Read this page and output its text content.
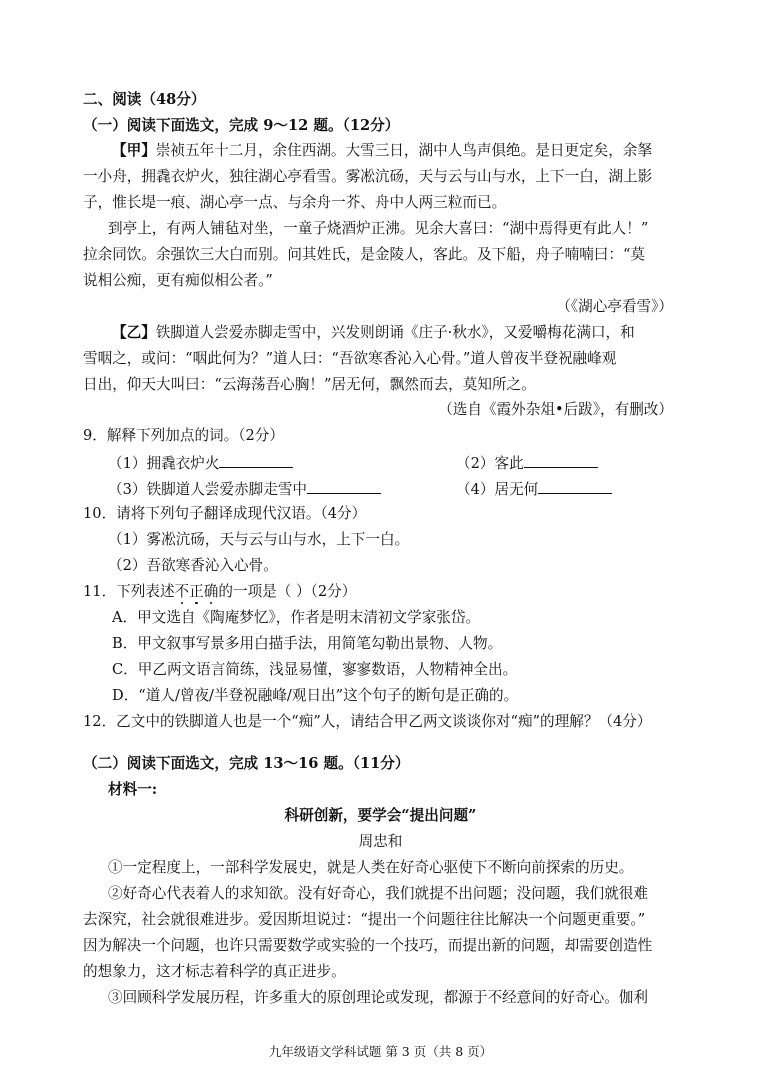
二、阅读（48分）
（一）阅读下面选文，完成 9～12 题。（12分）
【甲】崇祯五年十二月，余住西湖。大雪三日，湖中人鸟声俱绝。是日更定矣，余拏
一小舟，拥毳衣炉火，独往湖心亭看雪。雾凇沆砀，天与云与山与水，上下一白，湖上影
子，惟长堤一痕、湖心亭一点、与余舟一芥、舟中人两三粒而已。
到亭上，有两人铺毡对坐，一童子烧酒炉正沸。见余大喜曰：“湖中焉得更有此人！”
拉余同饮。余强饮三大白而别。问其姓氏，是金陵人，客此。及下船，舟子喃喃曰：“莫
说相公痴，更有痴似相公者。”
（《湖心亭看雪》）
【乙】铁脚道人尝爱赤脚走雪中，兴发则朗诵《庄子·秋水》，又爱嚼梅花满口，和
雪咽之，或问：“咽此何为？”道人曰：“吾欲寒香沁入心骨。”道人曾夜半登祝融峰观
日出，仰天大叫曰：“云海荡吾心胸！”居无何，飘然而去，莫知所之。
（选自《霞外杂俎•后跋》，有删改）
9．解释下列加点的词。（2分）
（1）拥毳衣炉火	（2）客此
（3）铁脚道人尝爱赤脚走雪中	（4）居无何
10．请将下列句子翻译成现代汉语。（4分）
（1）雾凇沆砀，天与云与山与水，上下一白。
（2）吾欲寒香沁入心骨。
11．下列表述不正确的一项是（ ）（2分）
A．甲文选自《陶庵梦忆》，作者是明末清初文学家张岱。
B．甲文叙事写景多用白描手法，用简笔勾勒出景物、人物。
C．甲乙两文语言简练，浅显易懂，寥寥数语，人物精神全出。
D．“道人/曾夜/半登祝融峰/观日出”这个句子的断句是正确的。
12．乙文中的铁脚道人也是一个“痴”人，请结合甲乙两文谈谈你对“痴”的理解？（4分）
（二）阅读下面选文，完成 13～16 题。（11分）
材料一:
科研创新，要学会“提出问题”
周忠和
①一定程度上，一部科学发展史，就是人类在好奇心驱使下不断向前探索的历史。
②好奇心代表着人的求知欲。没有好奇心，我们就提不出问题；没问题，我们就很难
去深究，社会就很难进步。爱因斯坦说过：“提出一个问题往往比解决一个问题更重要。”
因为解决一个问题，也许只需要数学或实验的一个技巧，而提出新的问题，却需要创造性
的想象力，这才标志着科学的真正进步。
③回顾科学发展历程，许多重大的原创理论或发现，都源于不经意间的好奇心。伽利
九年级语文学科试题 第 3 页（共 8 页）
